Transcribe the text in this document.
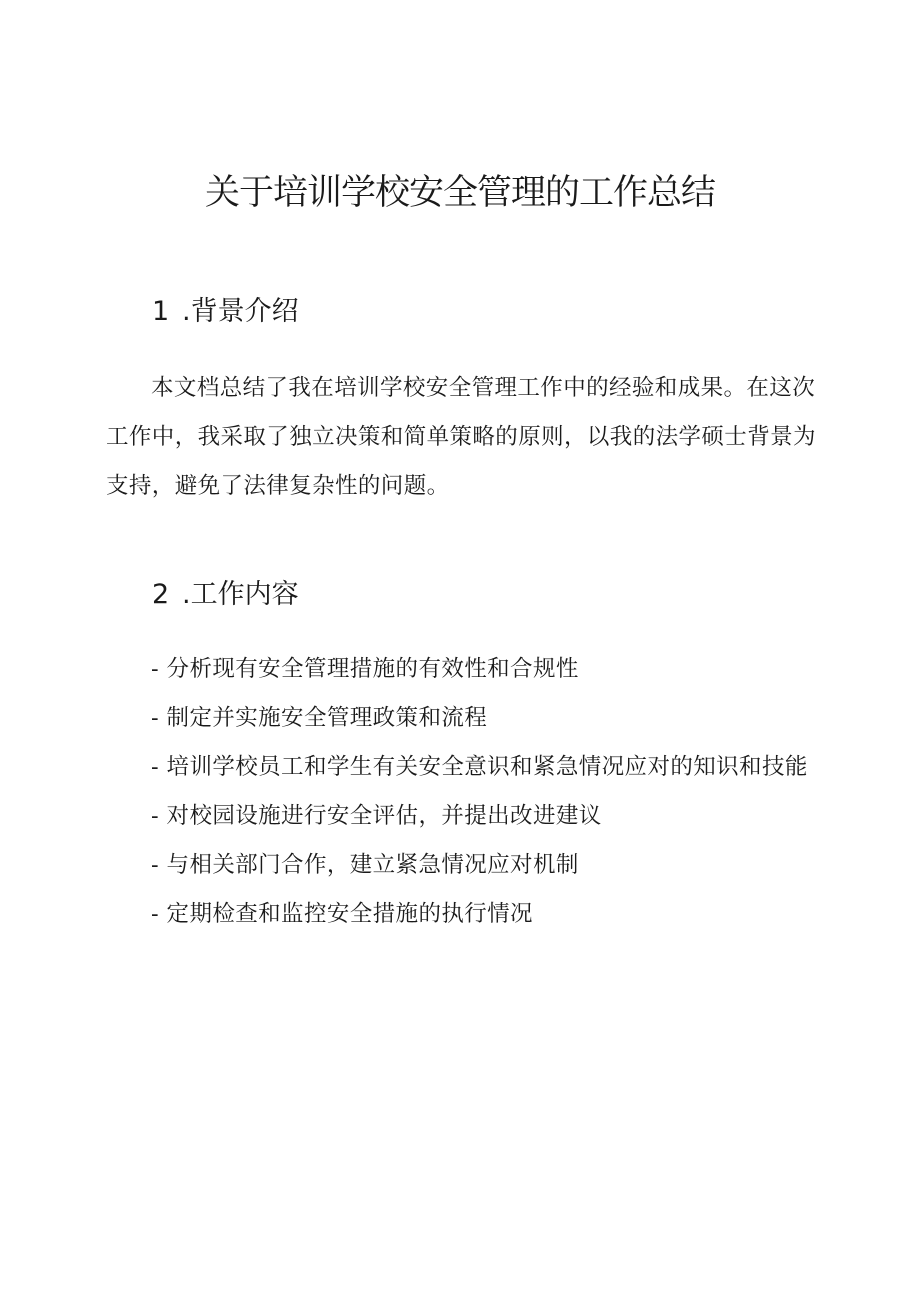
关于培训学校安全管理的工作总结
1 .背景介绍

本文档总结了我在培训学校安全管理工作中的经验和成果。在这次工作中，我采取了独立决策和简单策略的原则，以我的法学硕士背景为支持，避免了法律复杂性的问题。

2 .工作内容
- 分析现有安全管理措施的有效性和合规性
- 制定并实施安全管理政策和流程
- 培训学校员工和学生有关安全意识和紧急情况应对的知识和技能
- 对校园设施进行安全评估，并提出改进建议
- 与相关部门合作，建立紧急情况应对机制
- 定期检查和监控安全措施的执行情况
